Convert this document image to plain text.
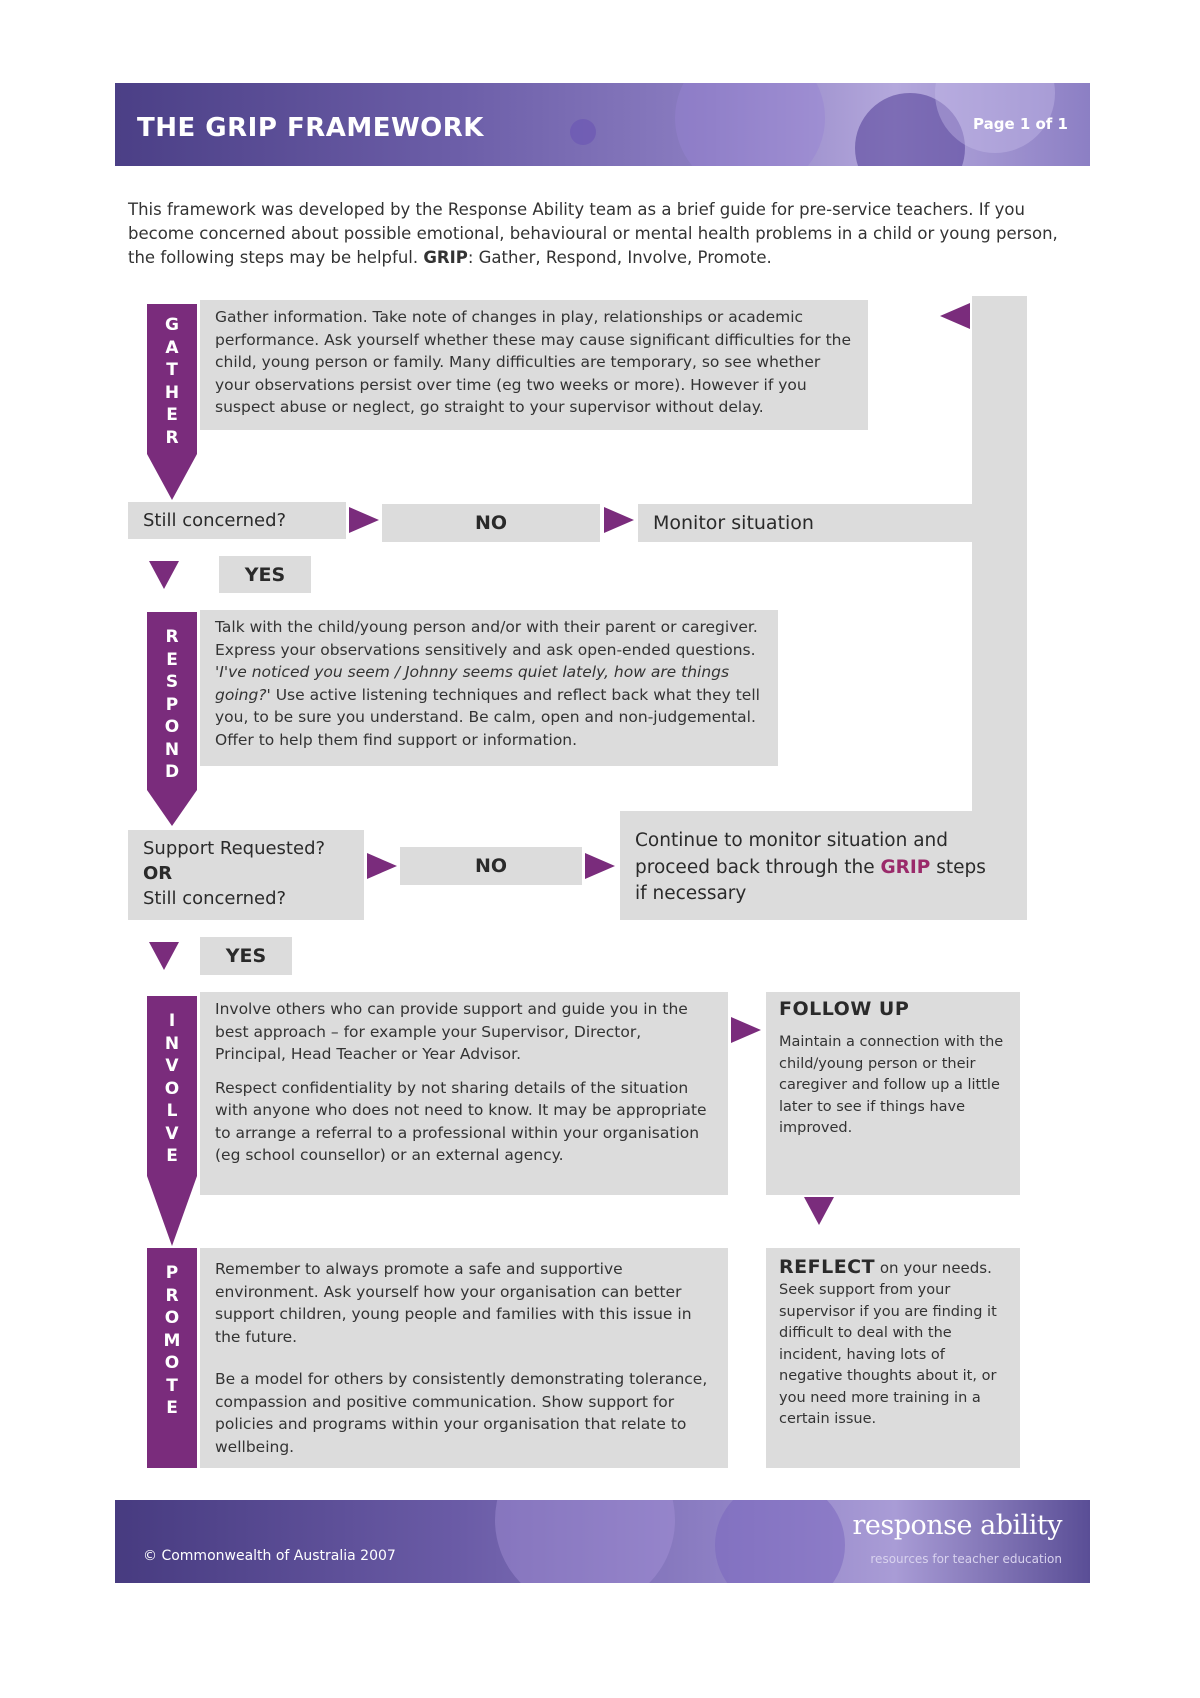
THE GRIP FRAMEWORK	Page 1 of 1
This framework was developed by the Response Ability team as a brief guide for pre-service teachers. If you become concerned about possible emotional, behavioural or mental health problems in a child or young person, the following steps may be helpful. GRIP: Gather, Respond, Involve, Promote.
G
A
T
H
E
R

Gather information. Take note of changes in play, relationships or academic performance. Ask yourself whether these may cause significant difficulties for the child, young person or family. Many difficulties are temporary, so see whether your observations persist over time (eg two weeks or more). However if you suspect abuse or neglect, go straight to your supervisor without delay.

Still concerned?	NO	Monitor situation
YES
R
E
S
P
O
N
D

Talk with the child/young person and/or with their parent or caregiver. Express your observations sensitively and ask open-ended questions. 'I've noticed you seem / Johnny seems quiet lately, how are things going?' Use active listening techniques and reflect back what they tell you, to be sure you understand. Be calm, open and non-judgemental. Offer to help them find support or information.

Support Requested?
OR
Still concerned?
NO

Continue to monitor situation and proceed back through the GRIP steps if necessary

YES
I
N
V
O
L
V
E

Involve others who can provide support and guide you in the best approach – for example your Supervisor, Director, Principal, Head Teacher or Year Advisor.

Respect confidentiality by not sharing details of the situation with anyone who does not need to know. It may be appropriate to arrange a referral to a professional within your organisation (eg school counsellor) or an external agency.

FOLLOW UP

Maintain a connection with the child/young person or their caregiver and follow up a little later to see if things have improved.

P
R
O
M
O
T
E

Remember to always promote a safe and supportive environment. Ask yourself how your organisation can better support children, young people and families with this issue in the future.

Be a model for others by consistently demonstrating tolerance, compassion and positive communication. Show support for policies and programs within your organisation that relate to wellbeing.

REFLECT on your needs.

Seek support from your supervisor if you are finding it difficult to deal with the incident, having lots of negative thoughts about it, or you need more training in a certain issue.

© Commonwealth of Australia 2007
response ability
resources for teacher education
